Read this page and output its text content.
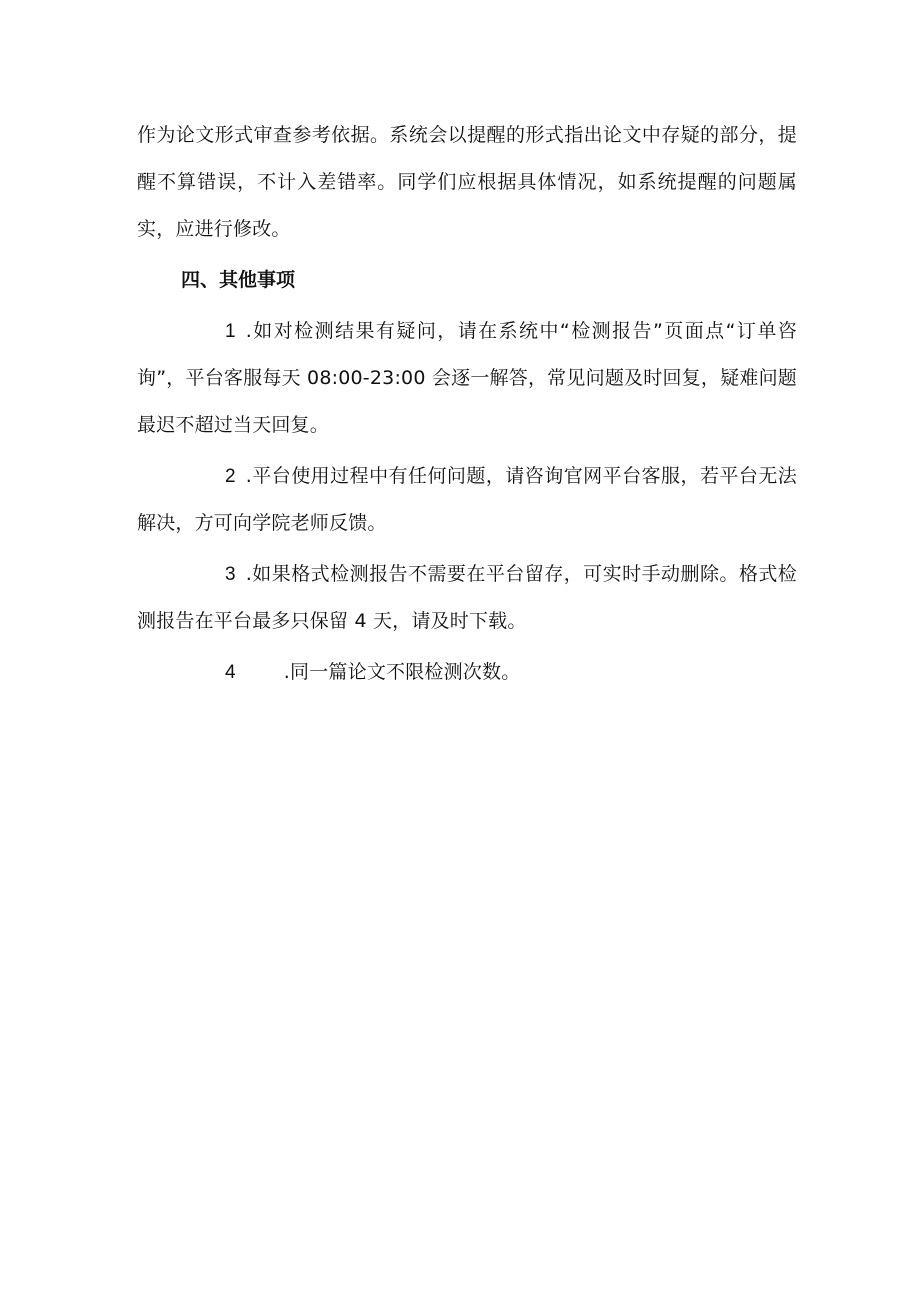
作为论文形式审查参考依据。系统会以提醒的形式指出论文中存疑的部分，提醒不算错误，不计入差错率。同学们应根据具体情况，如系统提醒的问题属实，应进行修改。

四、其他事项

1 .如对检测结果有疑问，请在系统中“检测报告”页面点“订单咨询”，平台客服每天 08:00-23:00 会逐一解答，常见问题及时回复，疑难问题最迟不超过当天回复。

2 .平台使用过程中有任何问题，请咨询官网平台客服，若平台无法解决，方可向学院老师反馈。

3 .如果格式检测报告不需要在平台留存，可实时手动删除。格式检测报告在平台最多只保留 4 天，请及时下载。

4	.同一篇论文不限检测次数。
